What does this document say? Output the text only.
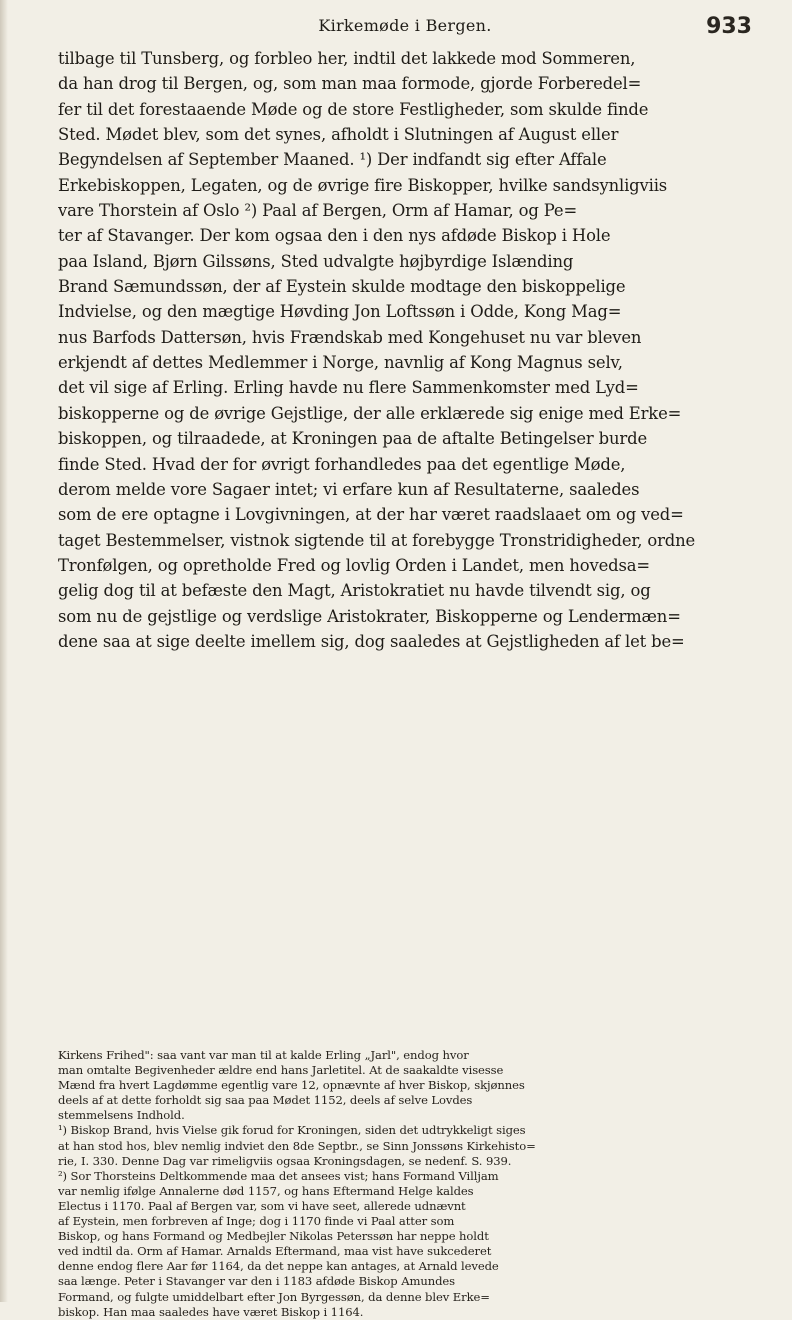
Kirkemøde i Bergen.	933
tilbage til Tunsberg, og forbleo her, indtil det lakkede mod Sommeren,
da han drog til Bergen, og, som man maa formode, gjorde Forberedel=
fer til det forestaaende Møde og de store Festligheder, som skulde finde
Sted. Mødet blev, som det synes, afholdt i Slutningen af August eller
Begyndelsen af September Maaned. ¹) Der indfandt sig efter Affale
Erkebiskoppen, Legaten, og de øvrige fire Biskopper, hvilke sandsynligviis
vare Thorstein af Oslo ²) Paal af Bergen, Orm af Hamar, og Pe=
ter af Stavanger. Der kom ogsaa den i den nys afdøde Biskop i Hole
paa Island, Bjørn Gilssøns, Sted udvalgte højbyrdige Islænding
Brand Sæmundssøn, der af Eystein skulde modtage den biskoppelige
Indvielse, og den mægtige Høvding Jon Loftssøn i Odde, Kong Mag=
nus Barfods Dattersøn, hvis Frændskab med Kongehuset nu var bleven
erkjendt af dettes Medlemmer i Norge, navnlig af Kong Magnus selv,
det vil sige af Erling. Erling havde nu flere Sammenkomster med Lyd=
biskopperne og de øvrige Gejstlige, der alle erklærede sig enige med Erke=
biskoppen, og tilraadede, at Kroningen paa de aftalte Betingelser burde
finde Sted. Hvad der for øvrigt forhandledes paa det egentlige Møde,
derom melde vore Sagaer intet; vi erfare kun af Resultaterne, saaledes
som de ere optagne i Lovgivningen, at der har været raadslaaet om og ved=
taget Bestemmelser, vistnok sigtende til at forebygge Tronstridigheder, ordne
Tronfølgen, og opretholde Fred og lovlig Orden i Landet, men hovedsa=
gelig dog til at befæste den Magt, Aristokratiet nu havde tilvendt sig, og
som nu de gejstlige og verdslige Aristokrater, Biskopperne og Lendermæn=
dene saa at sige deelte imellem sig, dog saaledes at Gejstligheden af let be=
Kirkens Frihed": saa vant var man til at kalde Erling „Jarl", endog hvor
man omtalte Begivenheder ældre end hans Jarletitel. At de saakaldte visesse
Mænd fra hvert Lagdømme egentlig vare 12, opnævnte af hver Biskop, skjønnes
deels af at dette forholdt sig saa paa Mødet 1152, deels af selve Lovdes
stemmelsens Indhold.
¹) Biskop Brand, hvis Vielse gik forud for Kroningen, siden det udtrykkeligt siges
at han stod hos, blev nemlig indviet den 8de Septbr., se Sinn Jonssøns Kirkehisto=
rie, I. 330. Denne Dag var rimeligviis ogsaa Kroningsdagen, se nedenf. S. 939.
²) Sor Thorsteins Deltkommende maa det ansees vist; hans Formand Villjam
var nemlig ifølge Annalerne død 1157, og hans Eftermand Helge kaldes
Electus i 1170. Paal af Bergen var, som vi have seet, allerede udnævnt
af Eystein, men forbreven af Inge; dog i 1170 finde vi Paal atter som
Biskop, og hans Formand og Medbejler Nikolas Peterssøn har neppe holdt
ved indtil da. Orm af Hamar. Arnalds Eftermand, maa vist have sukcederet
denne endog flere Aar før 1164, da det neppe kan antages, at Arnald levede
saa længe. Peter i Stavanger var den i 1183 afdøde Biskop Amundes
Formand, og fulgte umiddelbart efter Jon Byrgessøn, da denne blev Erke=
biskop. Han maa saaledes have været Biskop i 1164.
